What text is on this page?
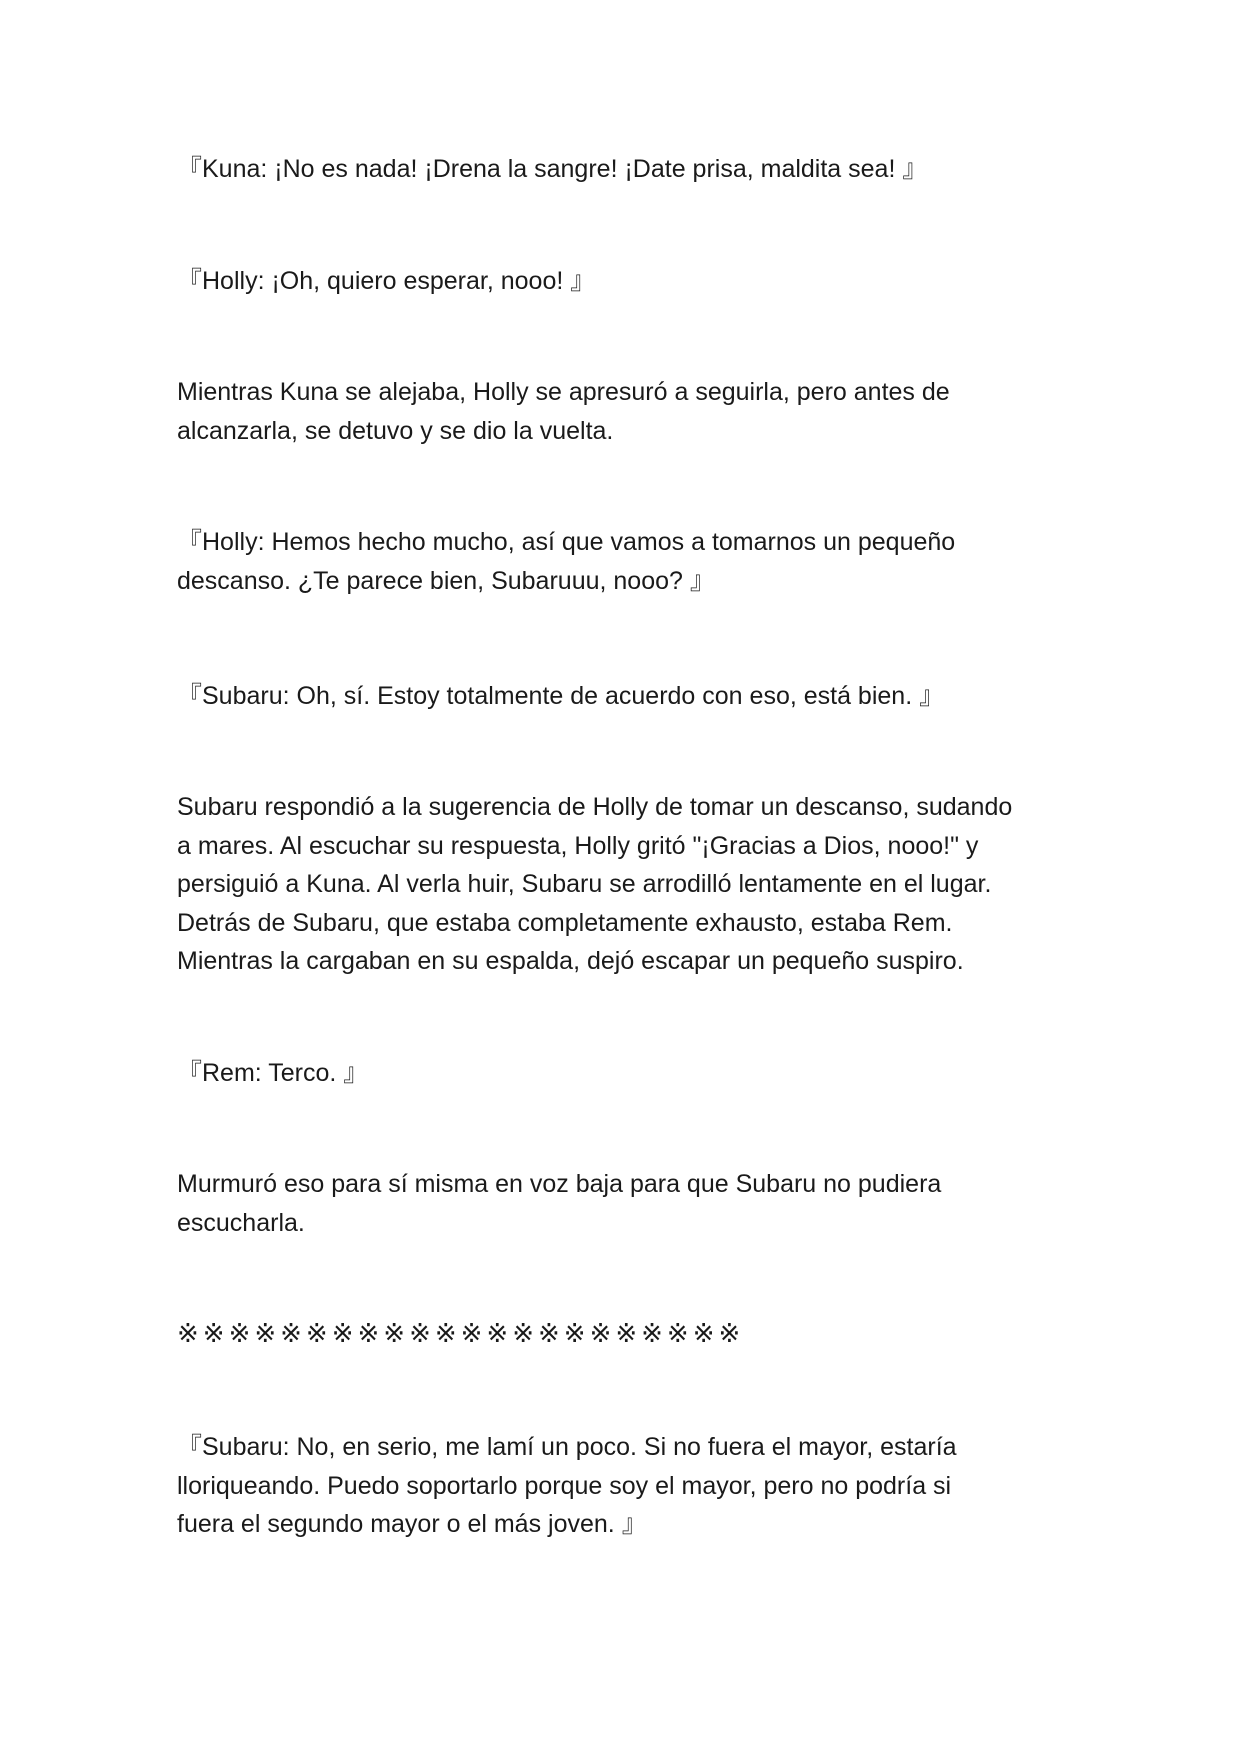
『Kuna: ¡No es nada! ¡Drena la sangre! ¡Date prisa, maldita sea! 』

『Holly: ¡Oh, quiero esperar, nooo! 』

Mientras Kuna se alejaba, Holly se apresuró a seguirla, pero antes de
alcanzarla, se detuvo y se dio la vuelta.

『Holly: Hemos hecho mucho, así que vamos a tomarnos un pequeño
descanso. ¿Te parece bien, Subaruuu, nooo? 』

『Subaru: Oh, sí. Estoy totalmente de acuerdo con eso, está bien. 』

Subaru respondió a la sugerencia de Holly de tomar un descanso, sudando
a mares. Al escuchar su respuesta, Holly gritó "¡Gracias a Dios, nooo!" y
persiguió a Kuna. Al verla huir, Subaru se arrodilló lentamente en el lugar.
Detrás de Subaru, que estaba completamente exhausto, estaba Rem.
Mientras la cargaban en su espalda, dejó escapar un pequeño suspiro.

『Rem: Terco. 』

Murmuró eso para sí misma en voz baja para que Subaru no pudiera
escucharla.

※※※※※※※※※※※※※※※※※※※※※※

『Subaru: No, en serio, me lamí un poco. Si no fuera el mayor, estaría
lloriqueando. Puedo soportarlo porque soy el mayor, pero no podría si
fuera el segundo mayor o el más joven. 』
